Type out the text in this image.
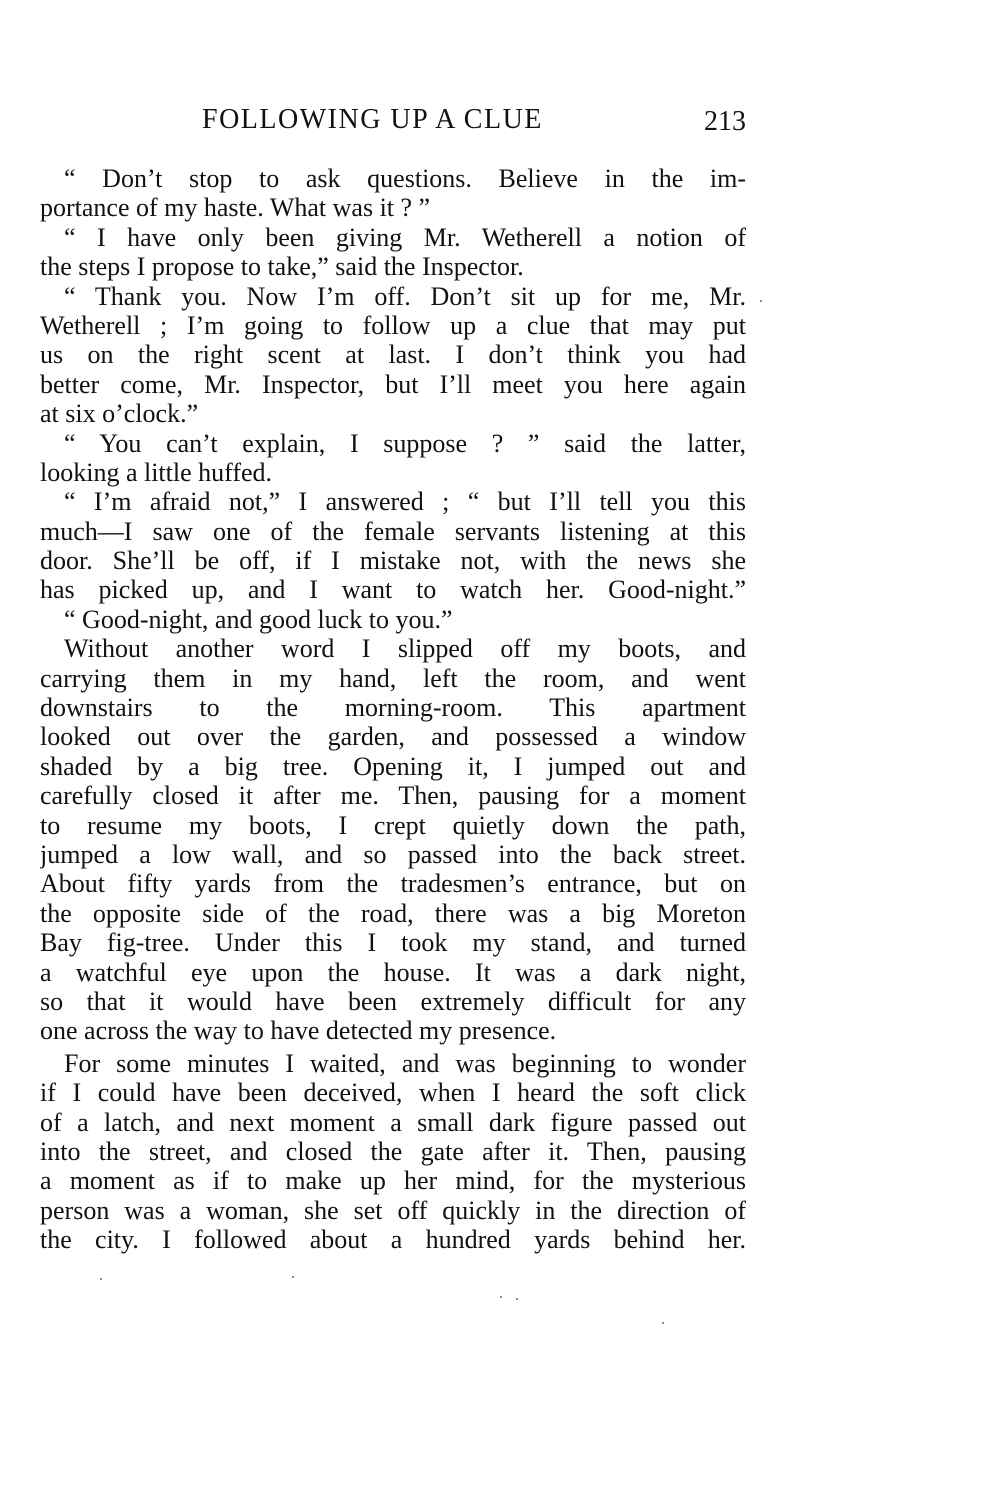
FOLLOWING UP A CLUE	213

“ Don’t stop to ask questions. Believe in the im-
portance of my haste. What was it ? ”

“ I have only been giving Mr. Wetherell a notion of
the steps I propose to take,” said the Inspector.

“ Thank you. Now I’m off. Don’t sit up for me, Mr.
Wetherell ; I’m going to follow up a clue that may put
us on the right scent at last. I don’t think you had
better come, Mr. Inspector, but I’ll meet you here again
at six o’clock.”

“ You can’t explain, I suppose ? ” said the latter,
looking a little huffed.

“ I’m afraid not,” I answered ; “ but I’ll tell you this
much—I saw one of the female servants listening at this
door. She’ll be off, if I mistake not, with the news she
has picked up, and I want to watch her. Good-night.”

“ Good-night, and good luck to you.”

Without another word I slipped off my boots, and
carrying them in my hand, left the room, and went
downstairs to the morning-room. This apartment
looked out over the garden, and possessed a window
shaded by a big tree. Opening it, I jumped out and
carefully closed it after me. Then, pausing for a moment
to resume my boots, I crept quietly down the path,
jumped a low wall, and so passed into the back street.
About fifty yards from the tradesmen’s entrance, but on
the opposite side of the road, there was a big Moreton
Bay fig-tree. Under this I took my stand, and turned
a watchful eye upon the house. It was a dark night,
so that it would have been extremely difficult for any
one across the way to have detected my presence.

For some minutes I waited, and was beginning to wonder
if I could have been deceived, when I heard the soft click
of a latch, and next moment a small dark figure passed out
into the street, and closed the gate after it. Then, pausing
a moment as if to make up her mind, for the mysterious
person was a woman, she set off quickly in the direction of
the city. I followed about a hundred yards behind her.
